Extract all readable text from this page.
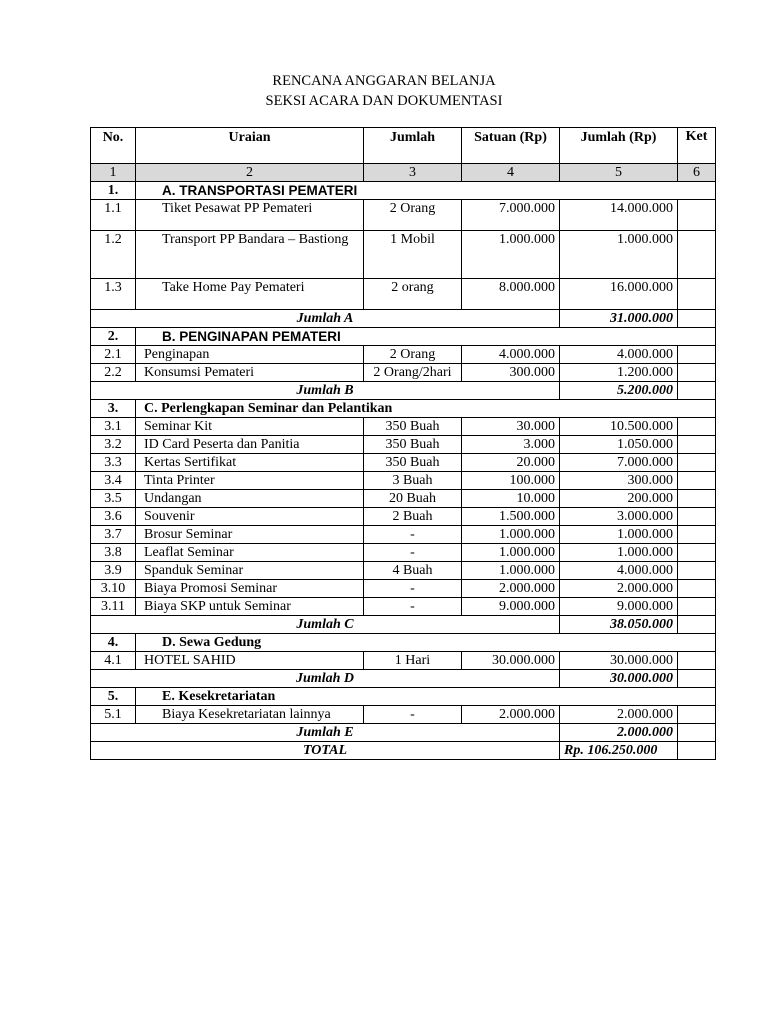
RENCANA ANGGARAN BELANJA
SEKSI ACARA DAN DOKUMENTASI
No.	Uraian	Jumlah	Satuan (Rp)	Jumlah (Rp)	Ket
1	2	3	4	5	6
1.	A. TRANSPORTASI PEMATERI				
1.1	Tiket Pesawat PP Pemateri	2 Orang	7.000.000	14.000.000	
1.2	Transport PP Bandara – Bastiong	1 Mobil	1.000.000	1.000.000	
1.3	Take Home Pay Pemateri	2 orang	8.000.000	16.000.000	
Jumlah A				31.000.000	
2.	B. PENGINAPAN PEMATERI				
2.1	Penginapan	2 Orang	4.000.000	4.000.000	
2.2	Konsumsi Pemateri	2 Orang/2hari	300.000	1.200.000	
Jumlah B				5.200.000	
3.	C. Perlengkapan Seminar dan Pelantikan				
3.1	Seminar Kit	350 Buah	30.000	10.500.000	
3.2	ID Card Peserta dan Panitia	350 Buah	3.000	1.050.000	
3.3	Kertas Sertifikat	350 Buah	20.000	7.000.000	
3.4	Tinta Printer	3 Buah	100.000	300.000	
3.5	Undangan	20 Buah	10.000	200.000	
3.6	Souvenir	2 Buah	1.500.000	3.000.000	
3.7	Brosur Seminar	-	1.000.000	1.000.000	
3.8	Leaflat Seminar	-	1.000.000	1.000.000	
3.9	Spanduk Seminar	4 Buah	1.000.000	4.000.000	
3.10	Biaya Promosi Seminar	-	2.000.000	2.000.000	
3.11	Biaya SKP untuk Seminar	-	9.000.000	9.000.000	
Jumlah C				38.050.000	
4.	D. Sewa Gedung				
4.1	HOTEL SAHID	1 Hari	30.000.000	30.000.000	
Jumlah D				30.000.000	
5.	E. Kesekretariatan				
5.1	Biaya Kesekretariatan lainnya	-	2.000.000	2.000.000	
Jumlah E				2.000.000	
TOTAL				Rp. 106.250.000	
